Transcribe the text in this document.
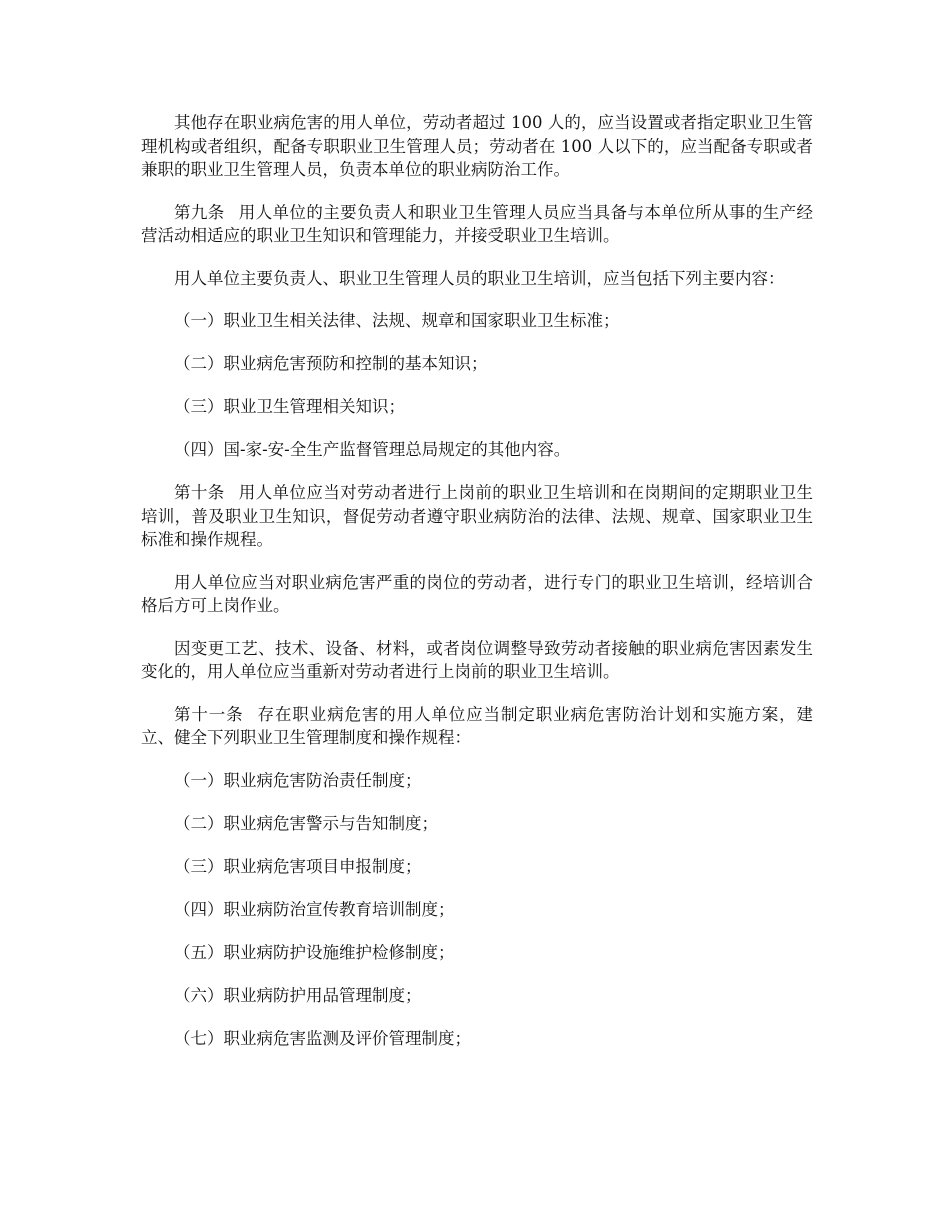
其他存在职业病危害的用人单位，劳动者超过 100 人的，应当设置或者指定职业卫生管理机构或者组织，配备专职职业卫生管理人员；劳动者在 100 人以下的，应当配备专职或者兼职的职业卫生管理人员，负责本单位的职业病防治工作。

第九条 用人单位的主要负责人和职业卫生管理人员应当具备与本单位所从事的生产经营活动相适应的职业卫生知识和管理能力，并接受职业卫生培训。

用人单位主要负责人、职业卫生管理人员的职业卫生培训，应当包括下列主要内容：

（一）职业卫生相关法律、法规、规章和国家职业卫生标准；

（二）职业病危害预防和控制的基本知识；

（三）职业卫生管理相关知识；

（四）国-家-安-全生产监督管理总局规定的其他内容。

第十条 用人单位应当对劳动者进行上岗前的职业卫生培训和在岗期间的定期职业卫生培训，普及职业卫生知识，督促劳动者遵守职业病防治的法律、法规、规章、国家职业卫生标准和操作规程。

用人单位应当对职业病危害严重的岗位的劳动者，进行专门的职业卫生培训，经培训合格后方可上岗作业。

因变更工艺、技术、设备、材料，或者岗位调整导致劳动者接触的职业病危害因素发生变化的，用人单位应当重新对劳动者进行上岗前的职业卫生培训。

第十一条 存在职业病危害的用人单位应当制定职业病危害防治计划和实施方案，建立、健全下列职业卫生管理制度和操作规程：

（一）职业病危害防治责任制度；

（二）职业病危害警示与告知制度；

（三）职业病危害项目申报制度；

（四）职业病防治宣传教育培训制度；

（五）职业病防护设施维护检修制度；

（六）职业病防护用品管理制度；

（七）职业病危害监测及评价管理制度；
